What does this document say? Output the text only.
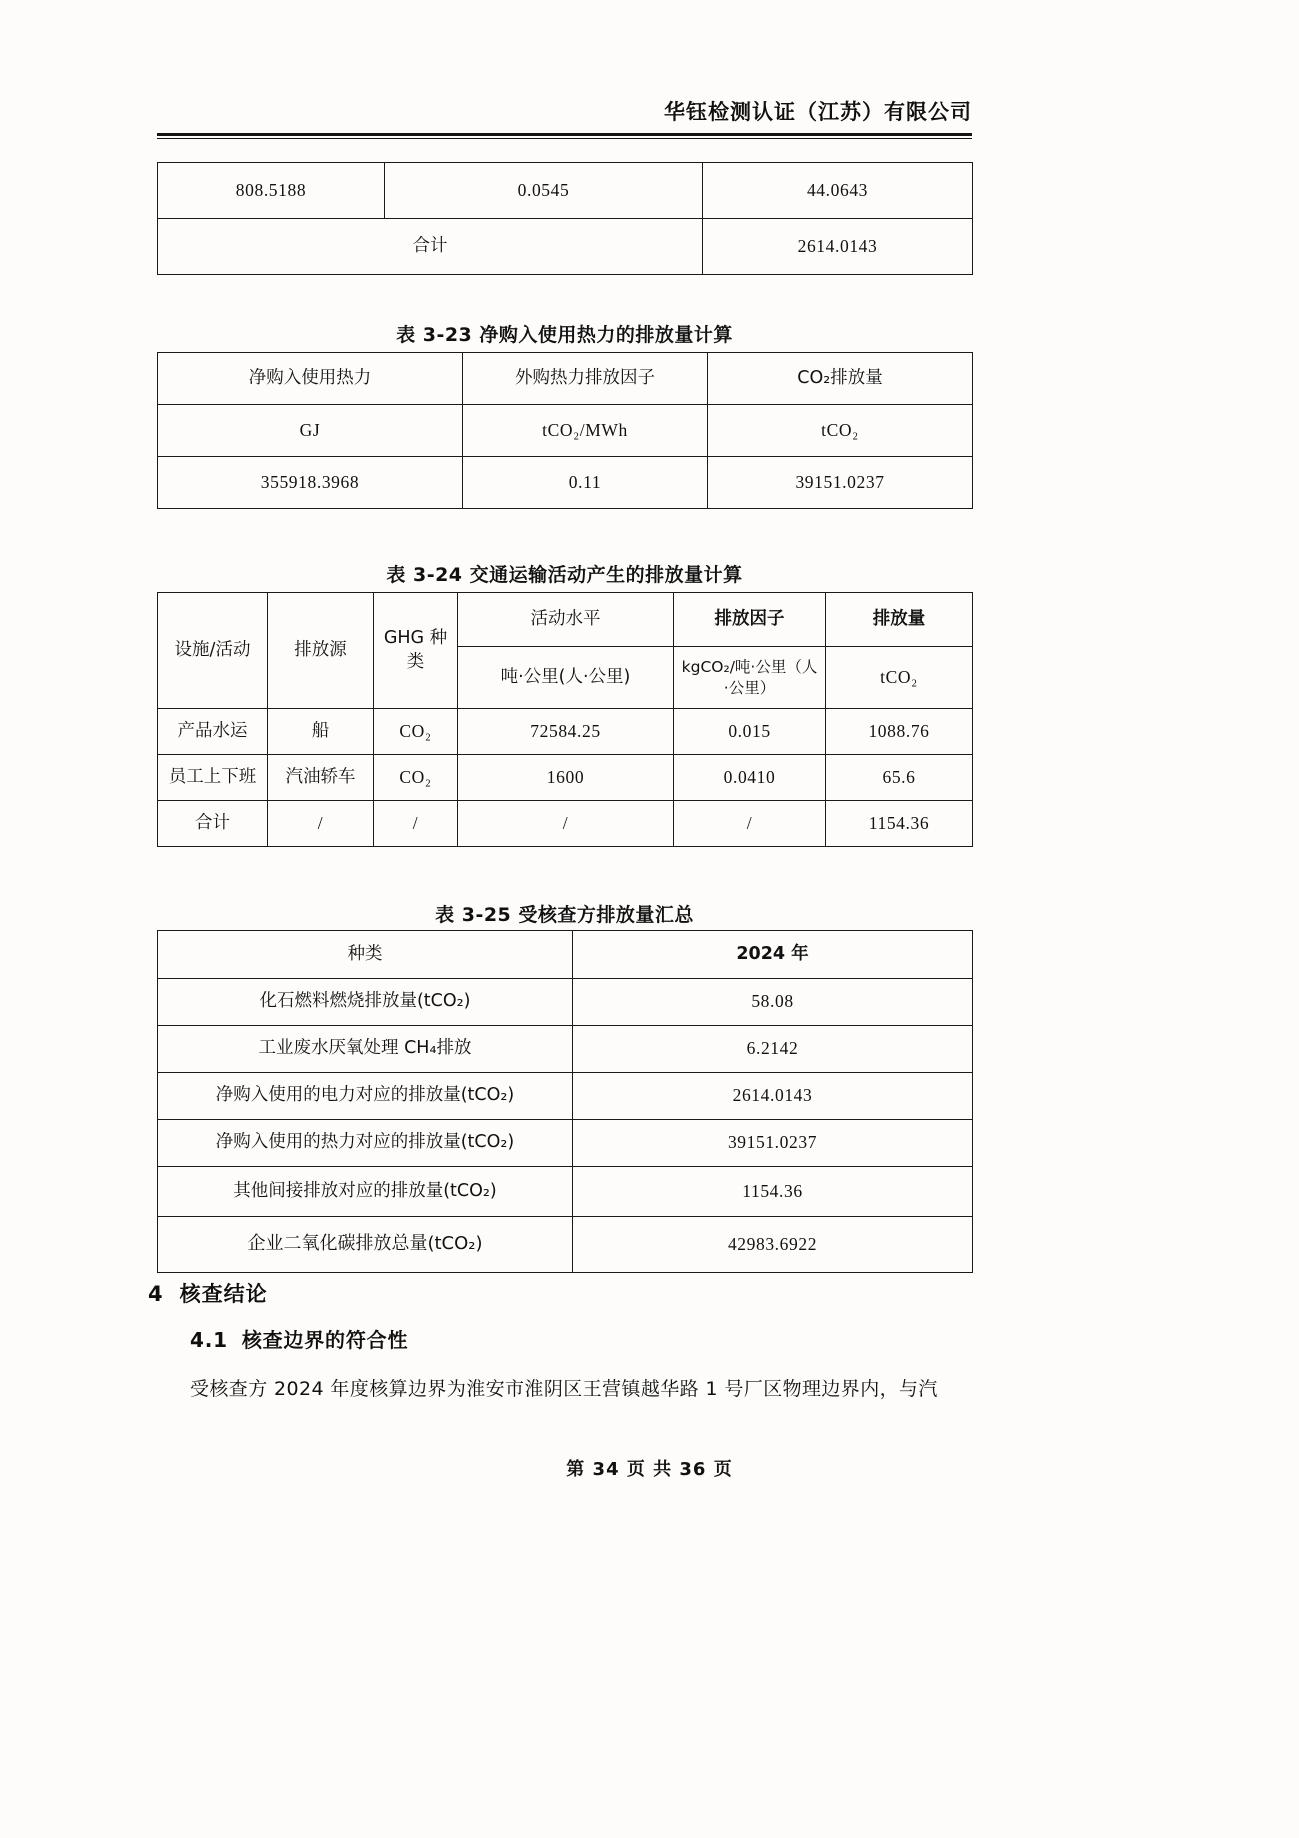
华钰检测认证（江苏）有限公司
808.5188	0.0545	44.0643
合计		2614.0143
表 3-23 净购入使用热力的排放量计算
净购入使用热力	外购热力排放因子	CO₂排放量
GJ	tCO₂/MWh	tCO₂
355918.3968	0.11	39151.0237
表 3-24 交通运输活动产生的排放量计算
设施/活动	排放源	GHG 种类	活动水平	排放因子	排放量
			吨·公里(人·公里)	kgCO₂/吨·公里（人·公里）	tCO₂
产品水运	船	CO₂	72584.25	0.015	1088.76
员工上下班	汽油轿车	CO₂	1600	0.0410	65.6
合计	/	/	/	/	1154.36
表 3-25 受核查方排放量汇总
种类	2024 年
化石燃料燃烧排放量(tCO₂)	58.08
工业废水厌氧处理 CH₄排放	6.2142
净购入使用的电力对应的排放量(tCO₂)	2614.0143
净购入使用的热力对应的排放量(tCO₂)	39151.0237
其他间接排放对应的排放量(tCO₂)	1154.36
企业二氧化碳排放总量(tCO₂)	42983.6922
4 核查结论
4.1 核查边界的符合性
受核查方 2024 年度核算边界为淮安市淮阴区王营镇越华路 1 号厂区物理边界内，与汽
第 34 页 共 36 页
